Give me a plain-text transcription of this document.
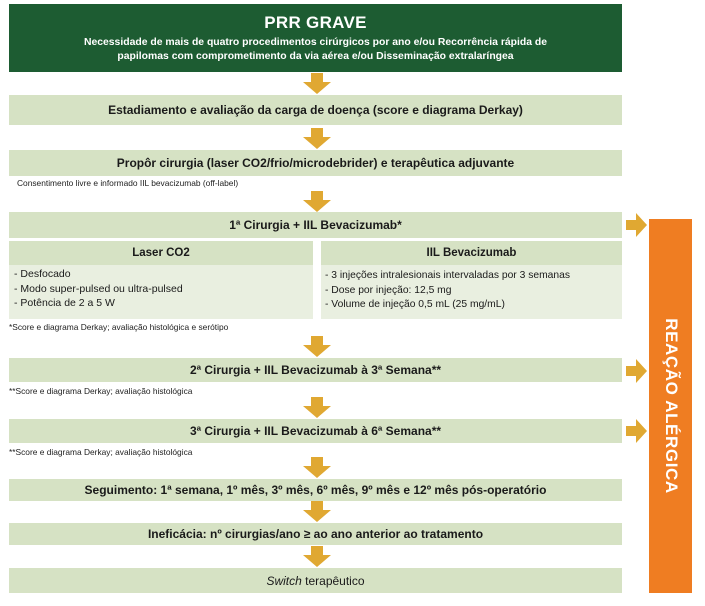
PRR GRAVE
Necessidade de mais de quatro procedimentos cirúrgicos por ano e/ou Recorrência rápida de
papilomas com comprometimento da via aérea e/ou Disseminação extralaríngea
Estadiamento e avaliação da carga de doença (score e diagrama Derkay)
Propôr cirurgia (laser CO2/frio/microdebrider) e terapêutica adjuvante
Consentimento livre e informado IIL bevacizumab (off-label)
1ª Cirurgia + IIL Bevacizumab*
Laser CO2
- Desfocado
- Modo super-pulsed ou ultra-pulsed
- Potência de 2 a 5 W
IIL Bevacizumab
- 3 injeções intralesionais intervaladas por 3 semanas
- Dose por injeção: 12,5 mg
- Volume de injeção 0,5 mL (25 mg/mL)
*Score e diagrama Derkay; avaliação histológica e serótipo
2ª Cirurgia + IIL Bevacizumab à 3ª Semana**
**Score e diagrama Derkay; avaliação histológica
3ª Cirurgia + IIL Bevacizumab à 6ª Semana**
**Score e diagrama Derkay; avaliação histológica
Seguimento: 1ª semana, 1º mês, 3º mês, 6º mês, 9º mês e 12º mês pós-operatório
Ineficácia: nº cirurgias/ano ≥ ao ano anterior ao tratamento
Switch terapêutico
REAÇÃO ALÉRGICA
